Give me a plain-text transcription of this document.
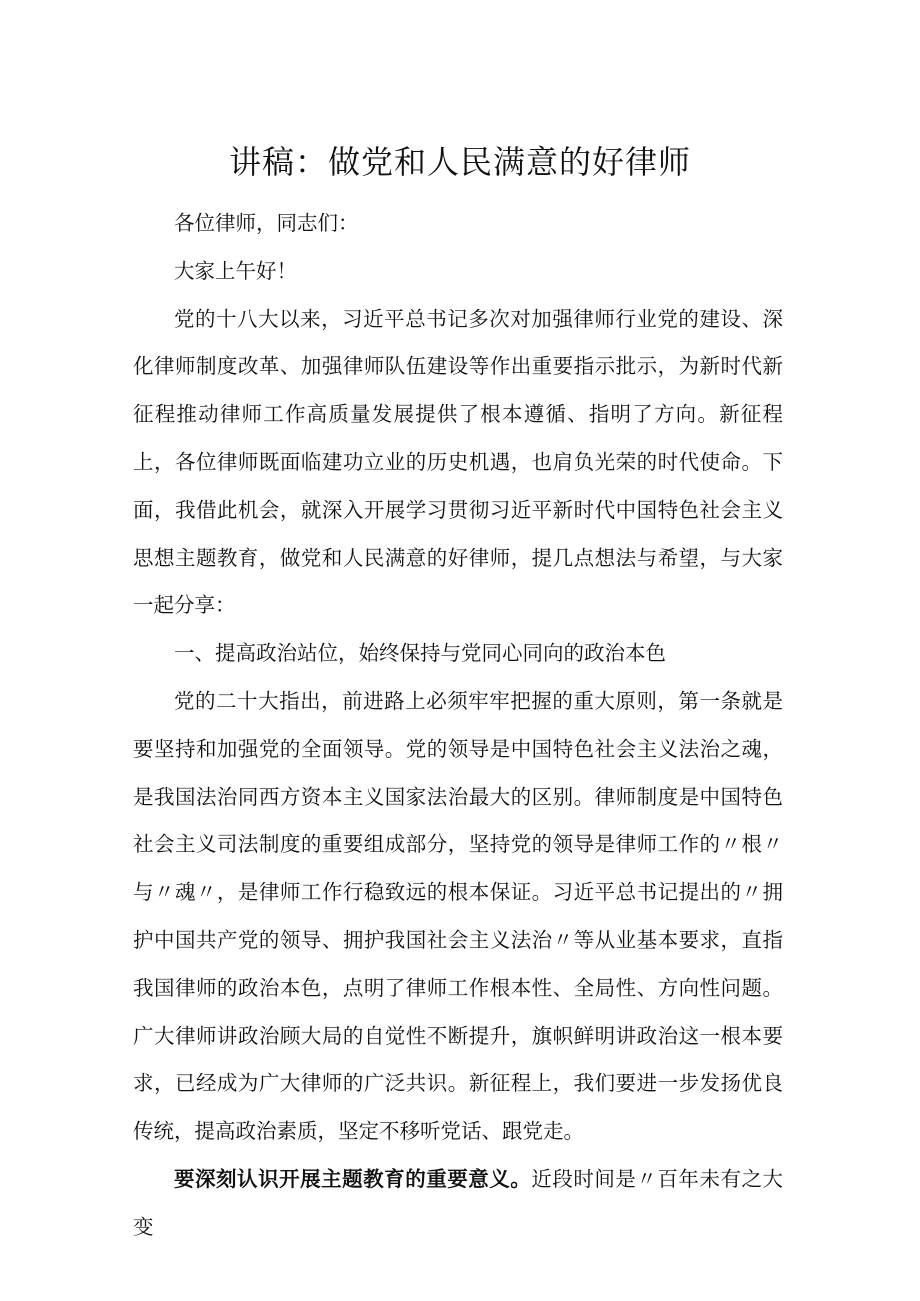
讲稿：做党和人民满意的好律师

各位律师，同志们：

大家上午好！

党的十八大以来，习近平总书记多次对加强律师行业党的建设、深化律师制度改革、加强律师队伍建设等作出重要指示批示，为新时代新征程推动律师工作高质量发展提供了根本遵循、指明了方向。新征程上，各位律师既面临建功立业的历史机遇，也肩负光荣的时代使命。下面，我借此机会，就深入开展学习贯彻习近平新时代中国特色社会主义思想主题教育，做党和人民满意的好律师，提几点想法与希望，与大家一起分享：

一、提高政治站位，始终保持与党同心同向的政治本色

党的二十大指出，前进路上必须牢牢把握的重大原则，第一条就是要坚持和加强党的全面领导。党的领导是中国特色社会主义法治之魂，是我国法治同西方资本主义国家法治最大的区别。律师制度是中国特色社会主义司法制度的重要组成部分，坚持党的领导是律师工作的〃根〃与〃魂〃，是律师工作行稳致远的根本保证。习近平总书记提出的〃拥护中国共产党的领导、拥护我国社会主义法治〃等从业基本要求，直指我国律师的政治本色，点明了律师工作根本性、全局性、方向性问题。广大律师讲政治顾大局的自觉性不断提升，旗帜鲜明讲政治这一根本要求，已经成为广大律师的广泛共识。新征程上，我们要进一步发扬优良传统，提高政治素质，坚定不移听党话、跟党走。

要深刻认识开展主题教育的重要意义。近段时间是〃百年未有之大变
